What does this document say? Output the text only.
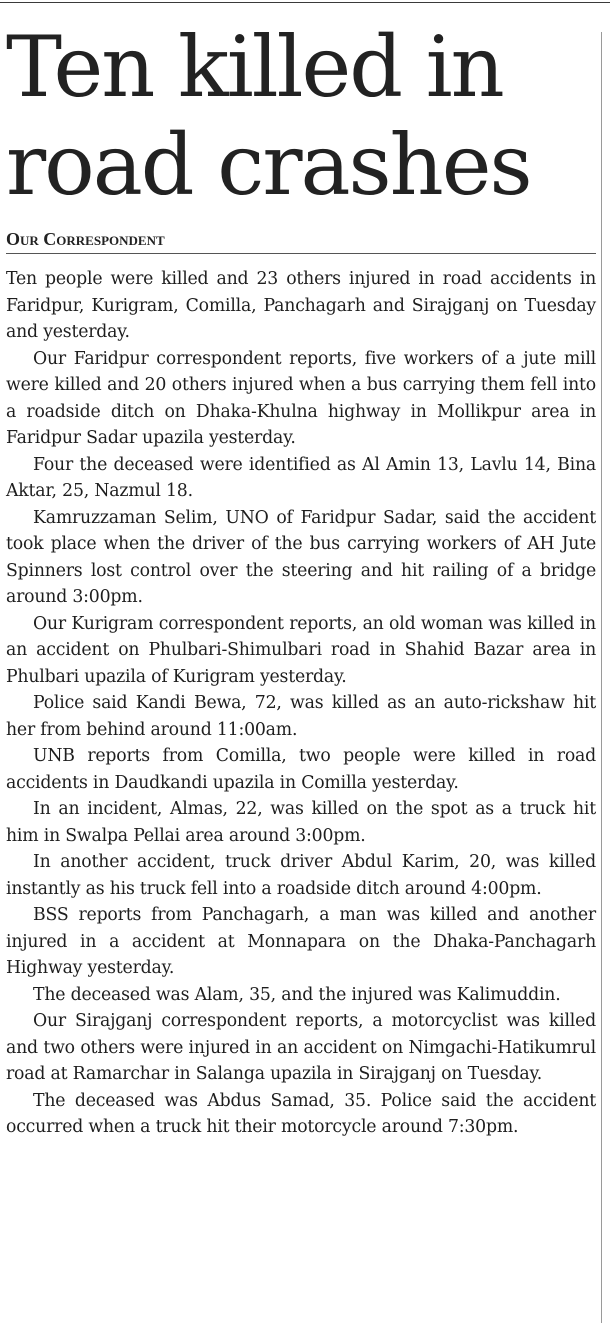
Ten killed in road crashes
Our Correspondent

Ten people were killed and 23 others injured in road accidents in Faridpur, Kurigram, Comilla, Panchagarh and Sirajganj on Tuesday and yesterday.

Our Faridpur correspondent reports, five workers of a jute mill were killed and 20 others injured when a bus carrying them fell into a roadside ditch on Dhaka-Khulna highway in Mollikpur area in Faridpur Sadar upazila yesterday.

Four the deceased were identified as Al Amin 13, Lavlu 14, Bina Aktar, 25, Nazmul 18.

Kamruzzaman Selim, UNO of Faridpur Sadar, said the accident took place when the driver of the bus carrying workers of AH Jute Spinners lost control over the steering and hit railing of a bridge around 3:00pm.

Our Kurigram correspondent reports, an old woman was killed in an accident on Phulbari-Shimulbari road in Shahid Bazar area in Phulbari upazila of Kurigram yesterday.

Police said Kandi Bewa, 72, was killed as an auto-rickshaw hit her from behind around 11:00am.

UNB reports from Comilla, two people were killed in road accidents in Daudkandi upazila in Comilla yesterday.

In an incident, Almas, 22, was killed on the spot as a truck hit him in Swalpa Pellai area around 3:00pm.

In another accident, truck driver Abdul Karim, 20, was killed instantly as his truck fell into a roadside ditch around 4:00pm.

BSS reports from Panchagarh, a man was killed and another injured in a accident at Monnapara on the Dhaka-Panchagarh Highway yesterday.

The deceased was Alam, 35, and the injured was Kalimuddin.

Our Sirajganj correspondent reports, a motorcyclist was killed and two others were injured in an accident on Nimgachi-Hatikumrul road at Ramarchar in Salanga upazila in Sirajganj on Tuesday.

The deceased was Abdus Samad, 35. Police said the accident occurred when a truck hit their motorcycle around 7:30pm.
